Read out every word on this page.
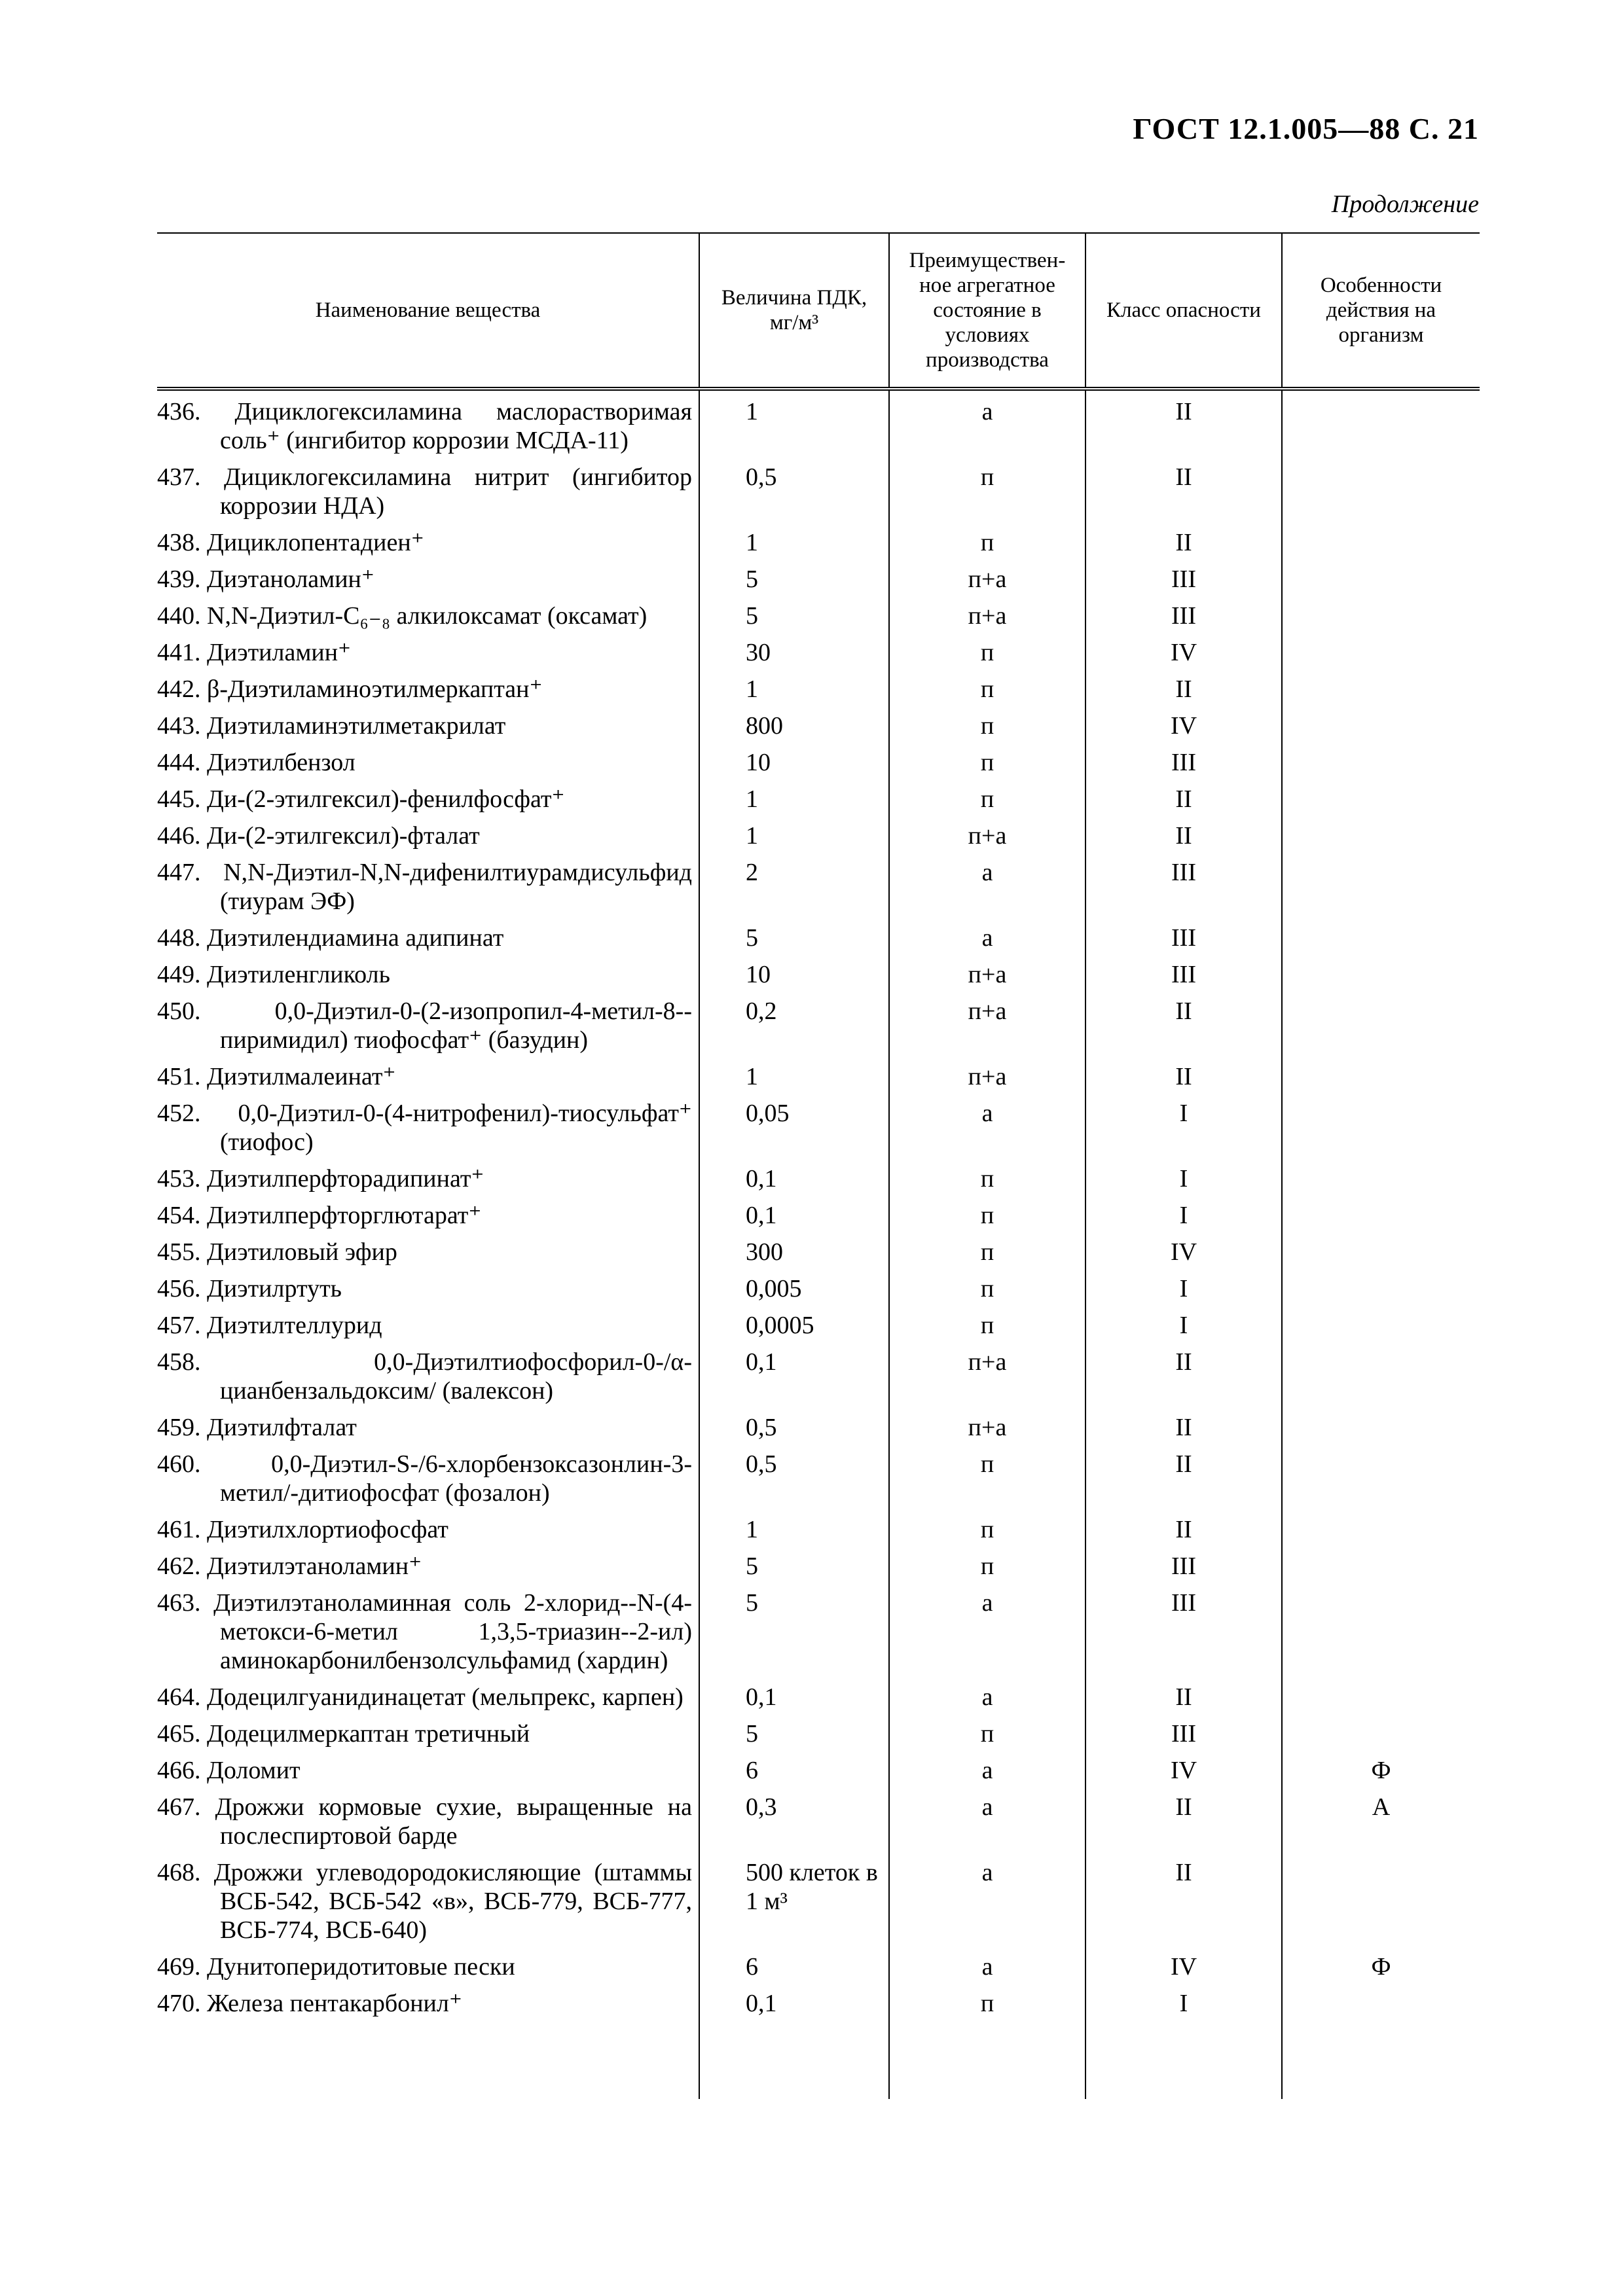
ГОСТ 12.1.005—88 С. 21
Продолжение
Наименование вещества	Величина ПДК, мг/м³	Преимуществен- ное агрегатное состояние в условиях производства	Класс опасности	Особенности действия на организм
436. Дициклогексиламина маслорастворимая соль⁺ (ингибитор коррозии МСДА-11)	1	а	II	
437. Дициклогексиламина нитрит (ингибитор коррозии НДА)	0,5	п	II	
438. Дициклопентадиен⁺	1	п	II	
439. Диэтаноламин⁺	5	п+а	III	
440. N,N-Диэтил-C₆₋₈ алкилоксамат (оксамат)	5	п+а	III	
441. Диэтиламин⁺	30	п	IV	
442. β-Диэтиламиноэтилмеркаптан⁺	1	п	II	
443. Диэтиламинэтилметакрилат	800	п	IV	
444. Диэтилбензол	10	п	III	
445. Ди-(2-этилгексил)-фенилфосфат⁺	1	п	II	
446. Ди-(2-этилгексил)-фталат	1	п+а	II	
447. N,N-Диэтил-N,N-дифенилтиурамдисульфид (тиурам ЭФ)	2	а	III	
448. Диэтилендиамина адипинат	5	а	III	
449. Диэтиленгликоль	10	п+а	III	
450. 0,0-Диэтил-0-(2-изопропил-4-метил-8--пиримидил) тиофосфат⁺ (базудин)	0,2	п+а	II	
451. Диэтилмалеинат⁺	1	п+а	II	
452. 0,0-Диэтил-0-(4-нитрофенил)-тиосульфат⁺ (тиофос)	0,05	а	I	
453. Диэтилперфторадипинат⁺	0,1	п	I	
454. Диэтилперфторглютарат⁺	0,1	п	I	
455. Диэтиловый эфир	300	п	IV	
456. Диэтилртуть	0,005	п	I	
457. Диэтилтеллурид	0,0005	п	I	
458. 0,0-Диэтилтиофосфорил-0-/α-цианбензальдоксим/ (валексон)	0,1	п+а	II	
459. Диэтилфталат	0,5	п+а	II	
460. 0,0-Диэтил-S-/6-хлорбензоксазонлин-3-метил/-дитиофосфат (фозалон)	0,5	п	II	
461. Диэтилхлортиофосфат	1	п	II	
462. Диэтилэтаноламин⁺	5	п	III	
463. Диэтилэтаноламинная соль 2-хлорид--N-(4-метокси-6-метил 1,3,5-триазин--2-ил) аминокарбонилбензолсульфамид (хардин)	5	а	III	
464. Додецилгуанидинацетат (мельпрекс, карпен)	0,1	а	II	
465. Додецилмеркаптан третичный	5	п	III	
466. Доломит	6	а	IV	Ф
467. Дрожжи кормовые сухие, выращенные на послеспиртовой барде	0,3	а	II	А
468. Дрожжи углеводородокисляющие (штаммы ВСБ-542, ВСБ-542 «в», ВСБ-779, ВСБ-777, ВСБ-774, ВСБ-640)	500 клеток в 1 м³	а	II	
469. Дунитоперидотитовые пески	6	а	IV	Ф
470. Железа пентакарбонил⁺	0,1	п	I	
